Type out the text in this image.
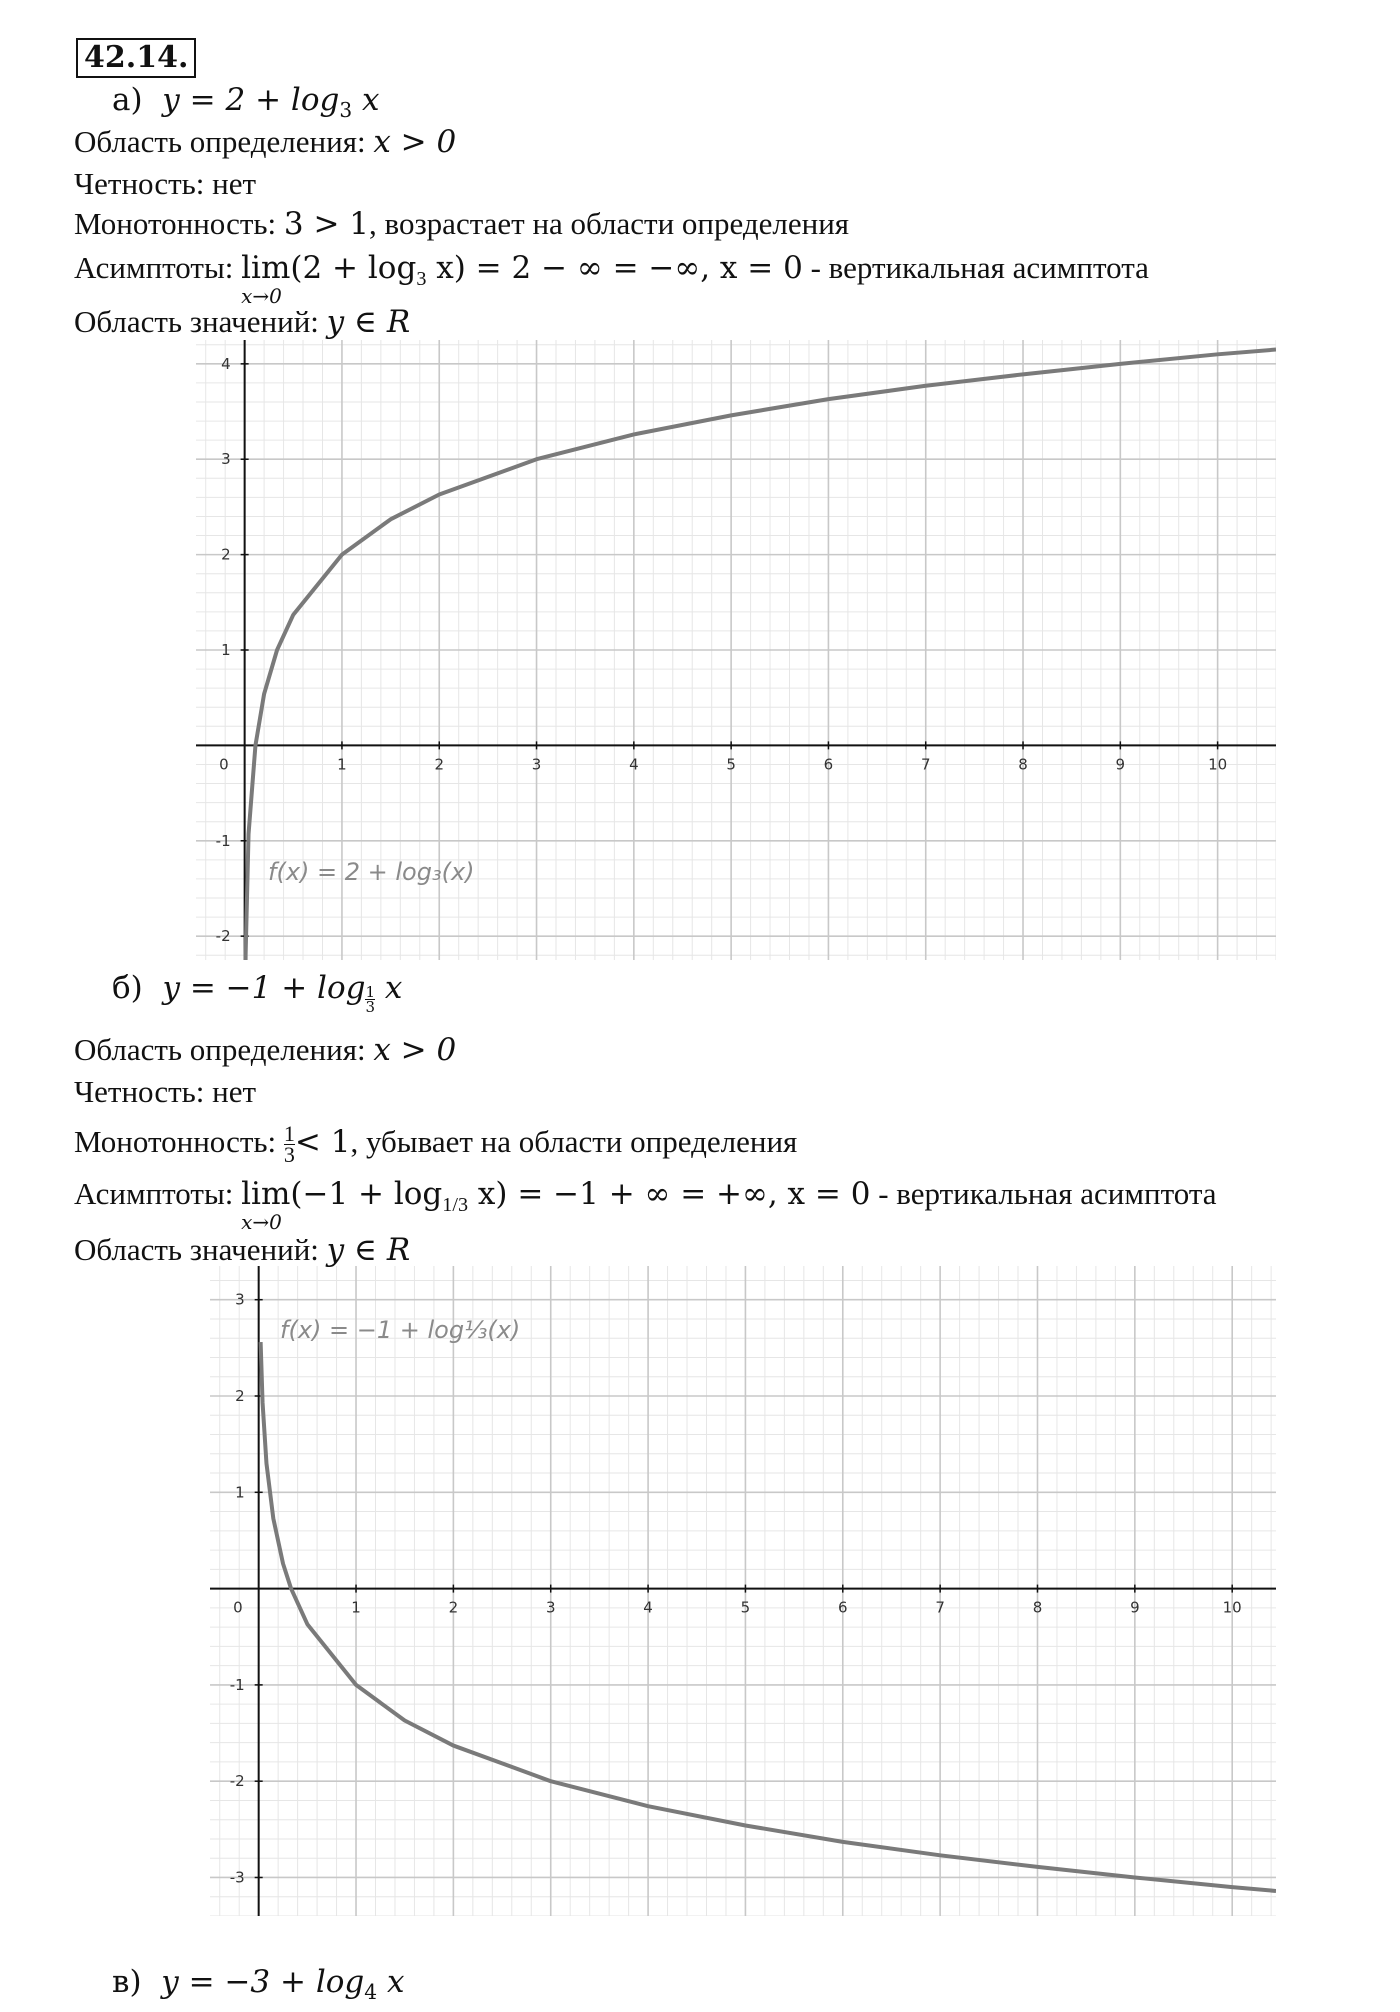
42.14.
а) $y = 2 + \log_3 x$
Область определения: x > 0
Четность: нет
Монотонность: 3 > 1, возрастает на области определения
Асимптоты: lim
x→0
$(2 + \log_3 x) = 2$ − ∞ = −∞, x = 0 - вертикальная асимптота
Область значений: y ∈ R
0	1	2	3	4	5	6	7	8	9	10
-2
-1
1
2
3
4
f(x) = 2 + log₃(x)
б) $y = -1 + \log \frac{1}{3}$ x
Область определения: x > 0
Четность: нет
Монотонность: $\frac{1}{3} < 1$, убывает на области определения
Асимптоты: lim
x→0
$(-1 + \log_{1/3} x) = -1$ + ∞ = +∞, x = 0 - вертикальная асимптота
Область значений: y ∈ R
0	1	2	3	4	5	6	7	8	9	10
-3
-2
-1
1
2
3
f(x) = −1 + log⅓(x)
в) $y = -3 + \log_4 x$
